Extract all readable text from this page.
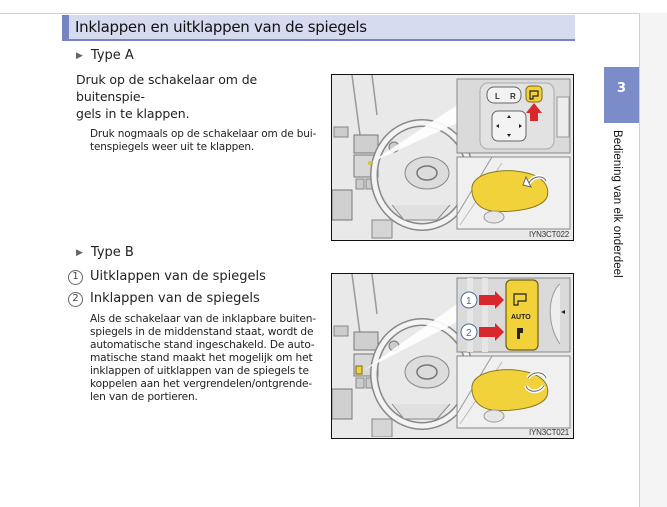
Inklappen en uitklappen van de spiegels
▶ Type A
Druk op de schakelaar om de buitenspie-
gels in te klappen.
Druk nogmaals op de schakelaar om de bui-
tenspiegels weer uit te klappen.
▶ Type B
1 Uitklappen van de spiegels
2 Inklappen van de spiegels
Als de schakelaar van de inklapbare buiten-
spiegels in de middenstand staat, wordt de
automatische stand ingeschakeld. De auto-
matische stand maakt het mogelijk om het
inklappen of uitklappen van de spiegels te
koppelen aan het vergrendelen/ontgrende-
len van de portieren.
L R
IYN3CT022
1
2
AUTO
IYN3CT021
3
Bediening van elk onderdeel
